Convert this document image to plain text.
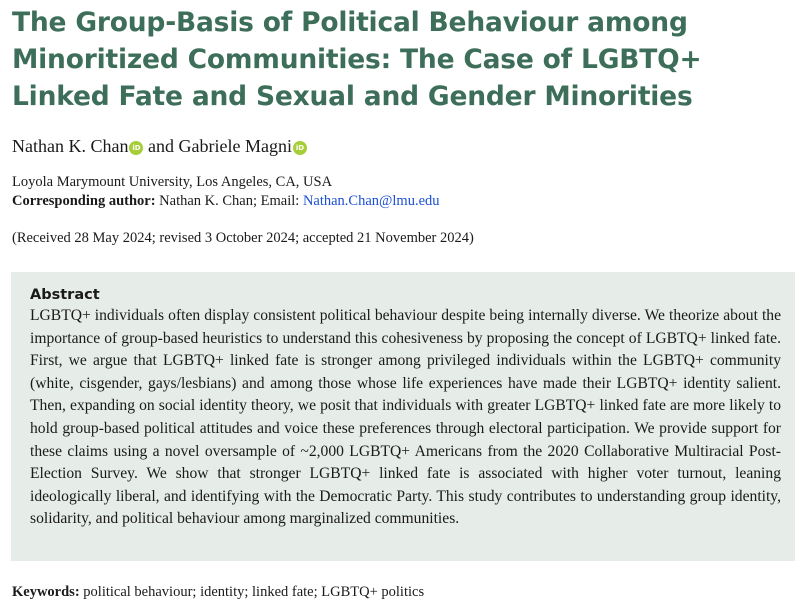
The Group-Basis of Political Behaviour among Minoritized Communities: The Case of LGBTQ+ Linked Fate and Sexual and Gender Minorities
Nathan K. Chan iD and Gabriele Magni iD
Loyola Marymount University, Los Angeles, CA, USA
Corresponding author: Nathan K. Chan; Email: Nathan.Chan@lmu.edu
(Received 28 May 2024; revised 3 October 2024; accepted 21 November 2024)
Abstract

LGBTQ+ individuals often display consistent political behaviour despite being internally diverse. We theorize about the importance of group-based heuristics to understand this cohesiveness by proposing the concept of LGBTQ+ linked fate. First, we argue that LGBTQ+ linked fate is stronger among privileged individuals within the LGBTQ+ community (white, cisgender, gays/lesbians) and among those whose life experiences have made their LGBTQ+ identity salient. Then, expanding on social identity theory, we posit that individuals with greater LGBTQ+ linked fate are more likely to hold group-based political attitudes and voice these preferences through electoral participation. We provide support for these claims using a novel oversample of ~2,000 LGBTQ+ Americans from the 2020 Collaborative Multiracial Post-Election Survey. We show that stronger LGBTQ+ linked fate is associated with higher voter turnout, leaning ideologically liberal, and identifying with the Democratic Party. This study contributes to understanding group identity, solidarity, and political behaviour among marginalized communities.

Keywords: political behaviour; identity; linked fate; LGBTQ+ politics
